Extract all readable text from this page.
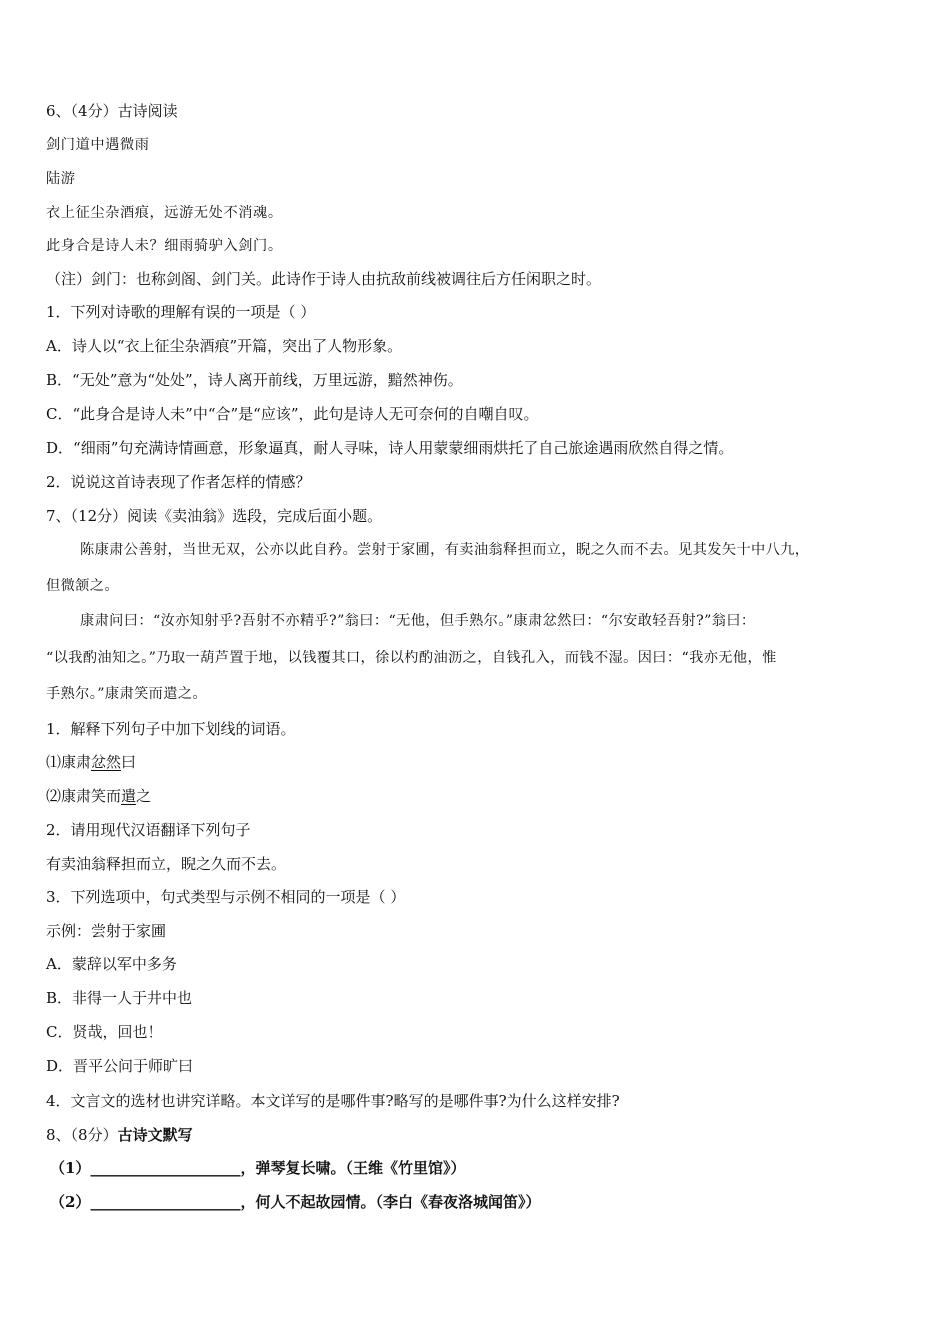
6、（4分）古诗阅读
剑门道中遇微雨
陆游
衣上征尘杂酒痕，远游无处不消魂。
此身合是诗人未？细雨骑驴入剑门。
（注）剑门：也称剑阁、剑门关。此诗作于诗人由抗敌前线被调往后方任闲职之时。
1．下列对诗歌的理解有误的一项是（ ）
A．诗人以“衣上征尘杂酒痕”开篇，突出了人物形象。
B．“无处”意为“处处”，诗人离开前线，万里远游，黯然神伤。
C．“此身合是诗人未”中“合”是“应该”，此句是诗人无可奈何的自嘲自叹。
D．“细雨”句充满诗情画意，形象逼真，耐人寻味，诗人用蒙蒙细雨烘托了自己旅途遇雨欣然自得之情。
2．说说这首诗表现了作者怎样的情感？
7、（12分）阅读《卖油翁》选段，完成后面小题。
陈康肃公善射，当世无双，公亦以此自矜。尝射于家圃，有卖油翁释担而立，睨之久而不去。见其发矢十中八九，
但微颔之。
康肃问曰：“汝亦知射乎?吾射不亦精乎?”翁曰：“无他，但手熟尔。”康肃忿然曰：“尔安敢轻吾射?”翁曰：
“以我酌油知之。”乃取一葫芦置于地，以钱覆其口，徐以杓酌油沥之，自钱孔入，而钱不湿。因曰：“我亦无他，惟
手熟尔。”康肃笑而遣之。
1．解释下列句子中加下划线的词语。
⑴康肃忿然曰
⑵康肃笑而遣之
2．请用现代汉语翻译下列句子
有卖油翁释担而立，睨之久而不去。
3．下列选项中，句式类型与示例不相同的一项是（ ）
示例：尝射于家圃
A．蒙辞以军中多务
B．非得一人于井中也
C．贤哉，回也！
D．晋平公问于师旷曰
4．文言文的选材也讲究详略。本文详写的是哪件事?略写的是哪件事?为什么这样安排?
8、（8分）古诗文默写
（1）____________________，弹琴复长啸。（王维《竹里馆》）
（2）____________________，何人不起故园情。（李白《春夜洛城闻笛》）
